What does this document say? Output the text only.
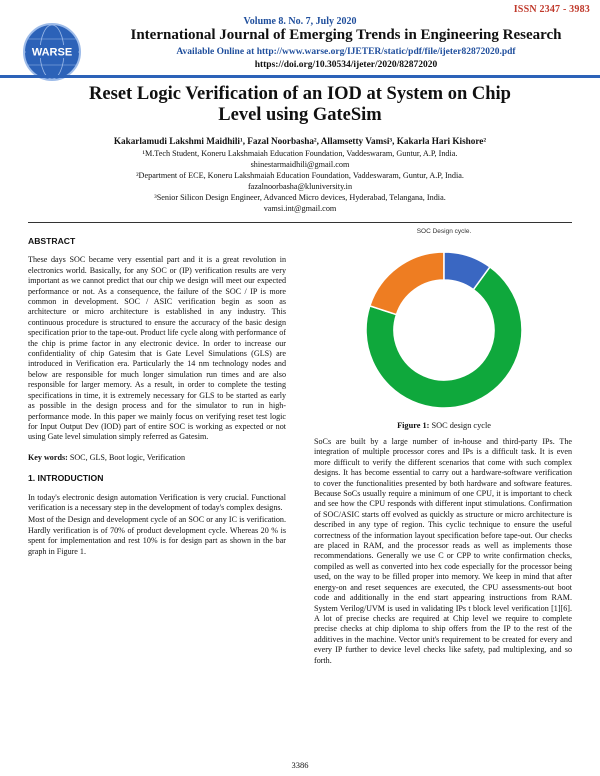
ISSN 2347 - 3983
WARSE
Volume 8. No. 7, July 2020
International Journal of Emerging Trends in Engineering Research
Available Online at http://www.warse.org/IJETER/static/pdf/file/ijeter82872020.pdf
https://doi.org/10.30534/ijeter/2020/82872020
Reset Logic Verification of an IOD at System on Chip Level using GateSim
Kakarlamudi Lakshmi Maidhili¹, Fazal Noorbasha², Allamsetty Vamsi³, Kakarla Hari Kishore²
¹M.Tech Student, Koneru Lakshmaiah Education Foundation, Vaddeswaram, Guntur, A.P, India.
shinestarmaidhili@gmail.com
²Department of ECE, Koneru Lakshmaiah Education Foundation, Vaddeswaram, Guntur, A.P, India.
fazalnoorbasha@kluniversity.in
³Senior Silicon Design Engineer, Advanced Micro devices, Hyderabad, Telangana, India.
vamsi.int@gmail.com
ABSTRACT

These days SOC became very essential part and it is a great revolution in electronics world. Basically, for any SOC or (IP) verification results are very important as we cannot predict that our chip we design will meet our expected performance or not. As a consequence, the failure of the SOC / IP is more common in development. SOC / ASIC verification begin as soon as architecture or micro architecture is established in any industry. This continuous procedure is structured to ensure the accuracy of the basic design specification prior to the tape-out. Product life cycle along with performance of the chip is prime factor in any electronic device. In order to increase our confidentiality of chip Gatesim that is Gate Level Simulations (GLS) are introduced in Verification era. Particularly the 14 nm technology nodes and below are responsible for much longer simulation run times and are also responsible for larger memory. As a result, in order to complete the testing specifications in time, it is extremely necessary for GLS to be started as early as possible in the design process and for the simulator to run in high-performance mode. In this paper we mainly focus on verifying reset test logic for Input Output Dev (IOD) part of entire SOC is working as expected or not using Gate level simulation simply referred as Gatesim.

Key words: SOC, GLS, Boot logic, Verification

1. INTRODUCTION

In today's electronic design automation Verification is very crucial. Functional verification is a necessary step in the development of today's complex designs.

Most of the Design and development cycle of an SOC or any IC is verification. Hardly verification is of 70% of product development cycle. Whereas 20 % is spent for implementation and rest 10% is for design part as shown in the bar graph in Figure 1.

SOC Design cycle.
Figure 1: SOC design cycle
SoCs are built by a large number of in-house and third-party IPs. The integration of multiple processor cores and IPs is a difficult task. It is even more difficult to verify the different scenarios that come with such complex designs. It has become essential to carry out a hardware-software verification to cover the functionalities presented by both hardware and software features. Because SoCs usually require a minimum of one CPU, it is important to check and see how the CPU responds with different input stimulations. Confirmation of SOC/ASIC starts off evolved as quickly as structure or micro architecture is described in any type of region. This cyclic technique to ensure the useful correctness of the information layout specification before tape-out. Our checks are placed in RAM, and the processor reads as well as implements those recommendations. Generally we use C or CPP to write confirmation checks, compiled as well as converted into hex code especially for the processor being used, on the way to be filled proper into memory. We keep in mind that after energy-on and reset sequences are executed, the CPU assessments-out boot code and additionally in the end start appearing instructions from RAM. System Verilog/UVM is used in validating IPs t block level verification [1][6]. A lot of precise checks are required at Chip level we require to complete precise checks at chip diploma to ship offers from the IP to the rest of the additives in the machine. Vector unit's requirement to be created for every and every IP further to device level checks like safety, pad multiplexing, and so forth.
3386
